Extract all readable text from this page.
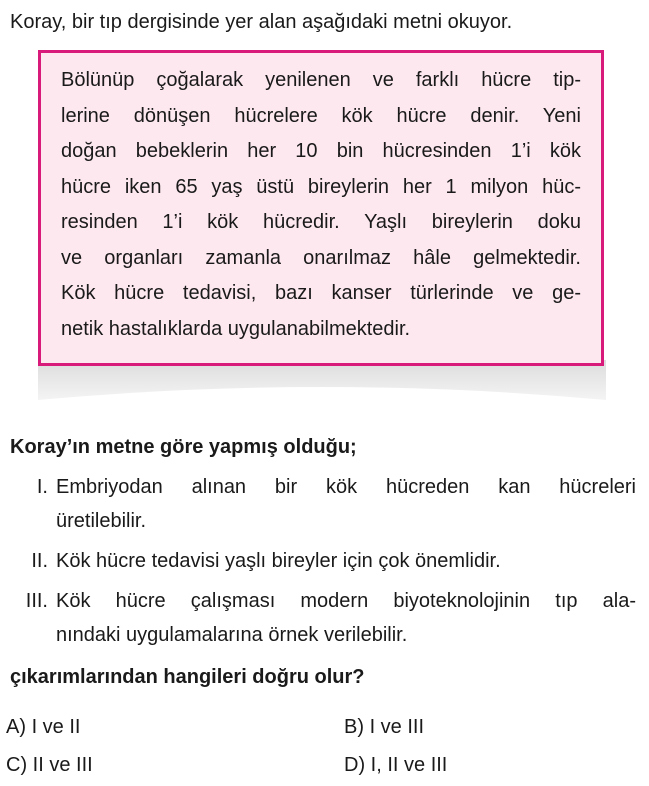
Koray, bir tıp dergisinde yer alan aşağıdaki metni okuyor.
Bölünüp çoğalarak yenilenen ve farklı hücre tip-
lerine dönüşen hücrelere kök hücre denir. Yeni
doğan bebeklerin her 10 bin hücresinden 1’i kök
hücre iken 65 yaş üstü bireylerin her 1 milyon hüc-
resinden 1’i kök hücredir. Yaşlı bireylerin doku
ve organları zamanla onarılmaz hâle gelmektedir.
Kök hücre tedavisi, bazı kanser türlerinde ve ge-
netik hastalıklarda uygulanabilmektedir.
Koray’ın metne göre yapmış olduğu;
I. Embriyodan alınan bir kök hücreden kan hücreleri
üretilebilir.
II. Kök hücre tedavisi yaşlı bireyler için çok önemlidir.
III. Kök hücre çalışması modern biyoteknolojinin tıp ala-
nındaki uygulamalarına örnek verilebilir.
çıkarımlarından hangileri doğru olur?
A) I ve II	B) I ve III
C) II ve III	D) I, II ve III
